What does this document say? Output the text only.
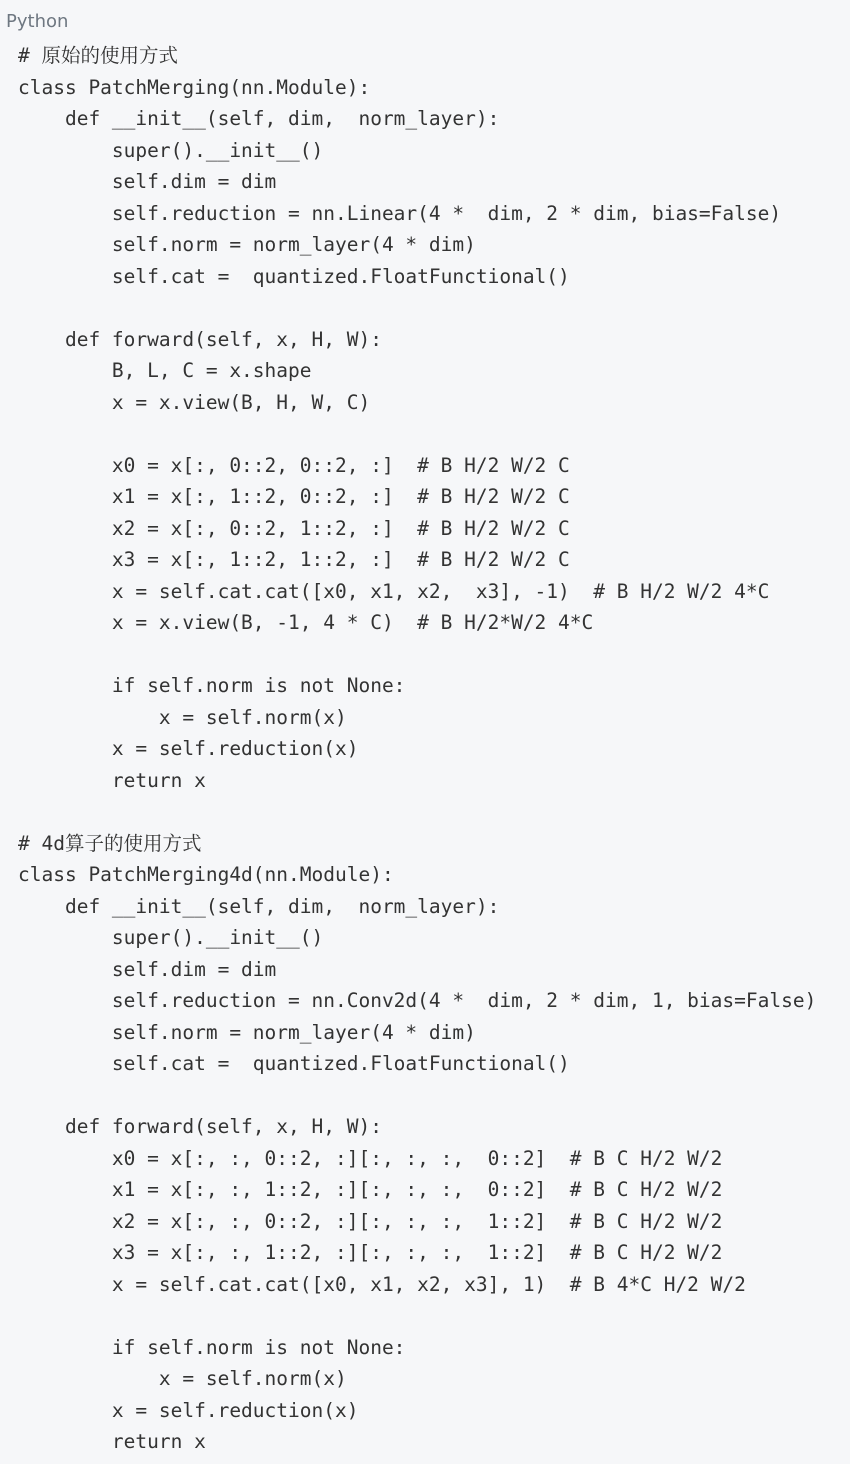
Python
# 原始的使用方式
class PatchMerging(nn.Module):
def __init__(self, dim,  norm_layer):
super().__init__()
self.dim = dim
self.reduction = nn.Linear(4 *  dim, 2 * dim, bias=False)
self.norm = norm_layer(4 * dim)
self.cat =  quantized.FloatFunctional()
def forward(self, x, H, W):
B, L, C = x.shape
x = x.view(B, H, W, C)
x0 = x[:, 0::2, 0::2, :]  # B H/2 W/2 C
x1 = x[:, 1::2, 0::2, :]  # B H/2 W/2 C
x2 = x[:, 0::2, 1::2, :]  # B H/2 W/2 C
x3 = x[:, 1::2, 1::2, :]  # B H/2 W/2 C
x = self.cat.cat([x0, x1, x2,  x3], -1)  # B H/2 W/2 4*C
x = x.view(B, -1, 4 * C)  # B H/2*W/2 4*C
if self.norm is not None:
x = self.norm(x)
x = self.reduction(x)
return x
# 4d算子的使用方式
class PatchMerging4d(nn.Module):
def __init__(self, dim,  norm_layer):
super().__init__()
self.dim = dim
self.reduction = nn.Conv2d(4 *  dim, 2 * dim, 1, bias=False)
self.norm = norm_layer(4 * dim)
self.cat =  quantized.FloatFunctional()
def forward(self, x, H, W):
x0 = x[:, :, 0::2, :][:, :, :,  0::2]  # B C H/2 W/2
x1 = x[:, :, 1::2, :][:, :, :,  0::2]  # B C H/2 W/2
x2 = x[:, :, 0::2, :][:, :, :,  1::2]  # B C H/2 W/2
x3 = x[:, :, 1::2, :][:, :, :,  1::2]  # B C H/2 W/2
x = self.cat.cat([x0, x1, x2, x3], 1)  # B 4*C H/2 W/2
if self.norm is not None:
x = self.norm(x)
x = self.reduction(x)
return x
